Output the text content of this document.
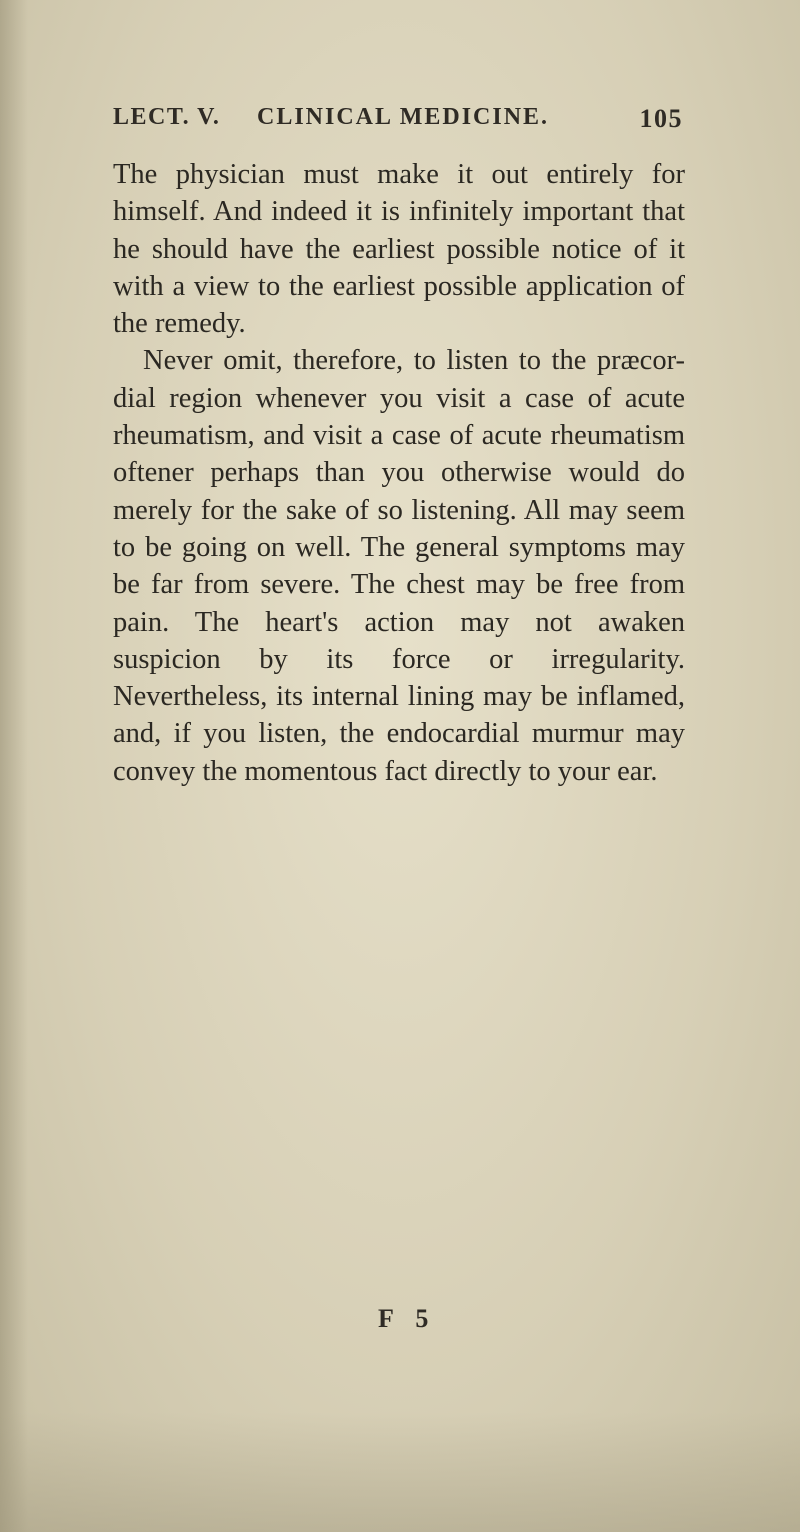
LECT. V. CLINICAL MEDICINE.	105

The physician must make it out entirely for himself. And indeed it is infinitely important that he should have the earliest possible notice of it with a view to the earliest possible application of the remedy.

Never omit, therefore, to listen to the præcor-dial region whenever you visit a case of acute rheumatism, and visit a case of acute rheumatism oftener perhaps than you otherwise would do merely for the sake of so listening. All may seem to be going on well. The general symptoms may be far from severe. The chest may be free from pain. The heart's action may not awaken suspicion by its force or irregularity. Nevertheless, its internal lining may be inflamed, and, if you listen, the endocardial murmur may convey the momentous fact directly to your ear.

F 5
